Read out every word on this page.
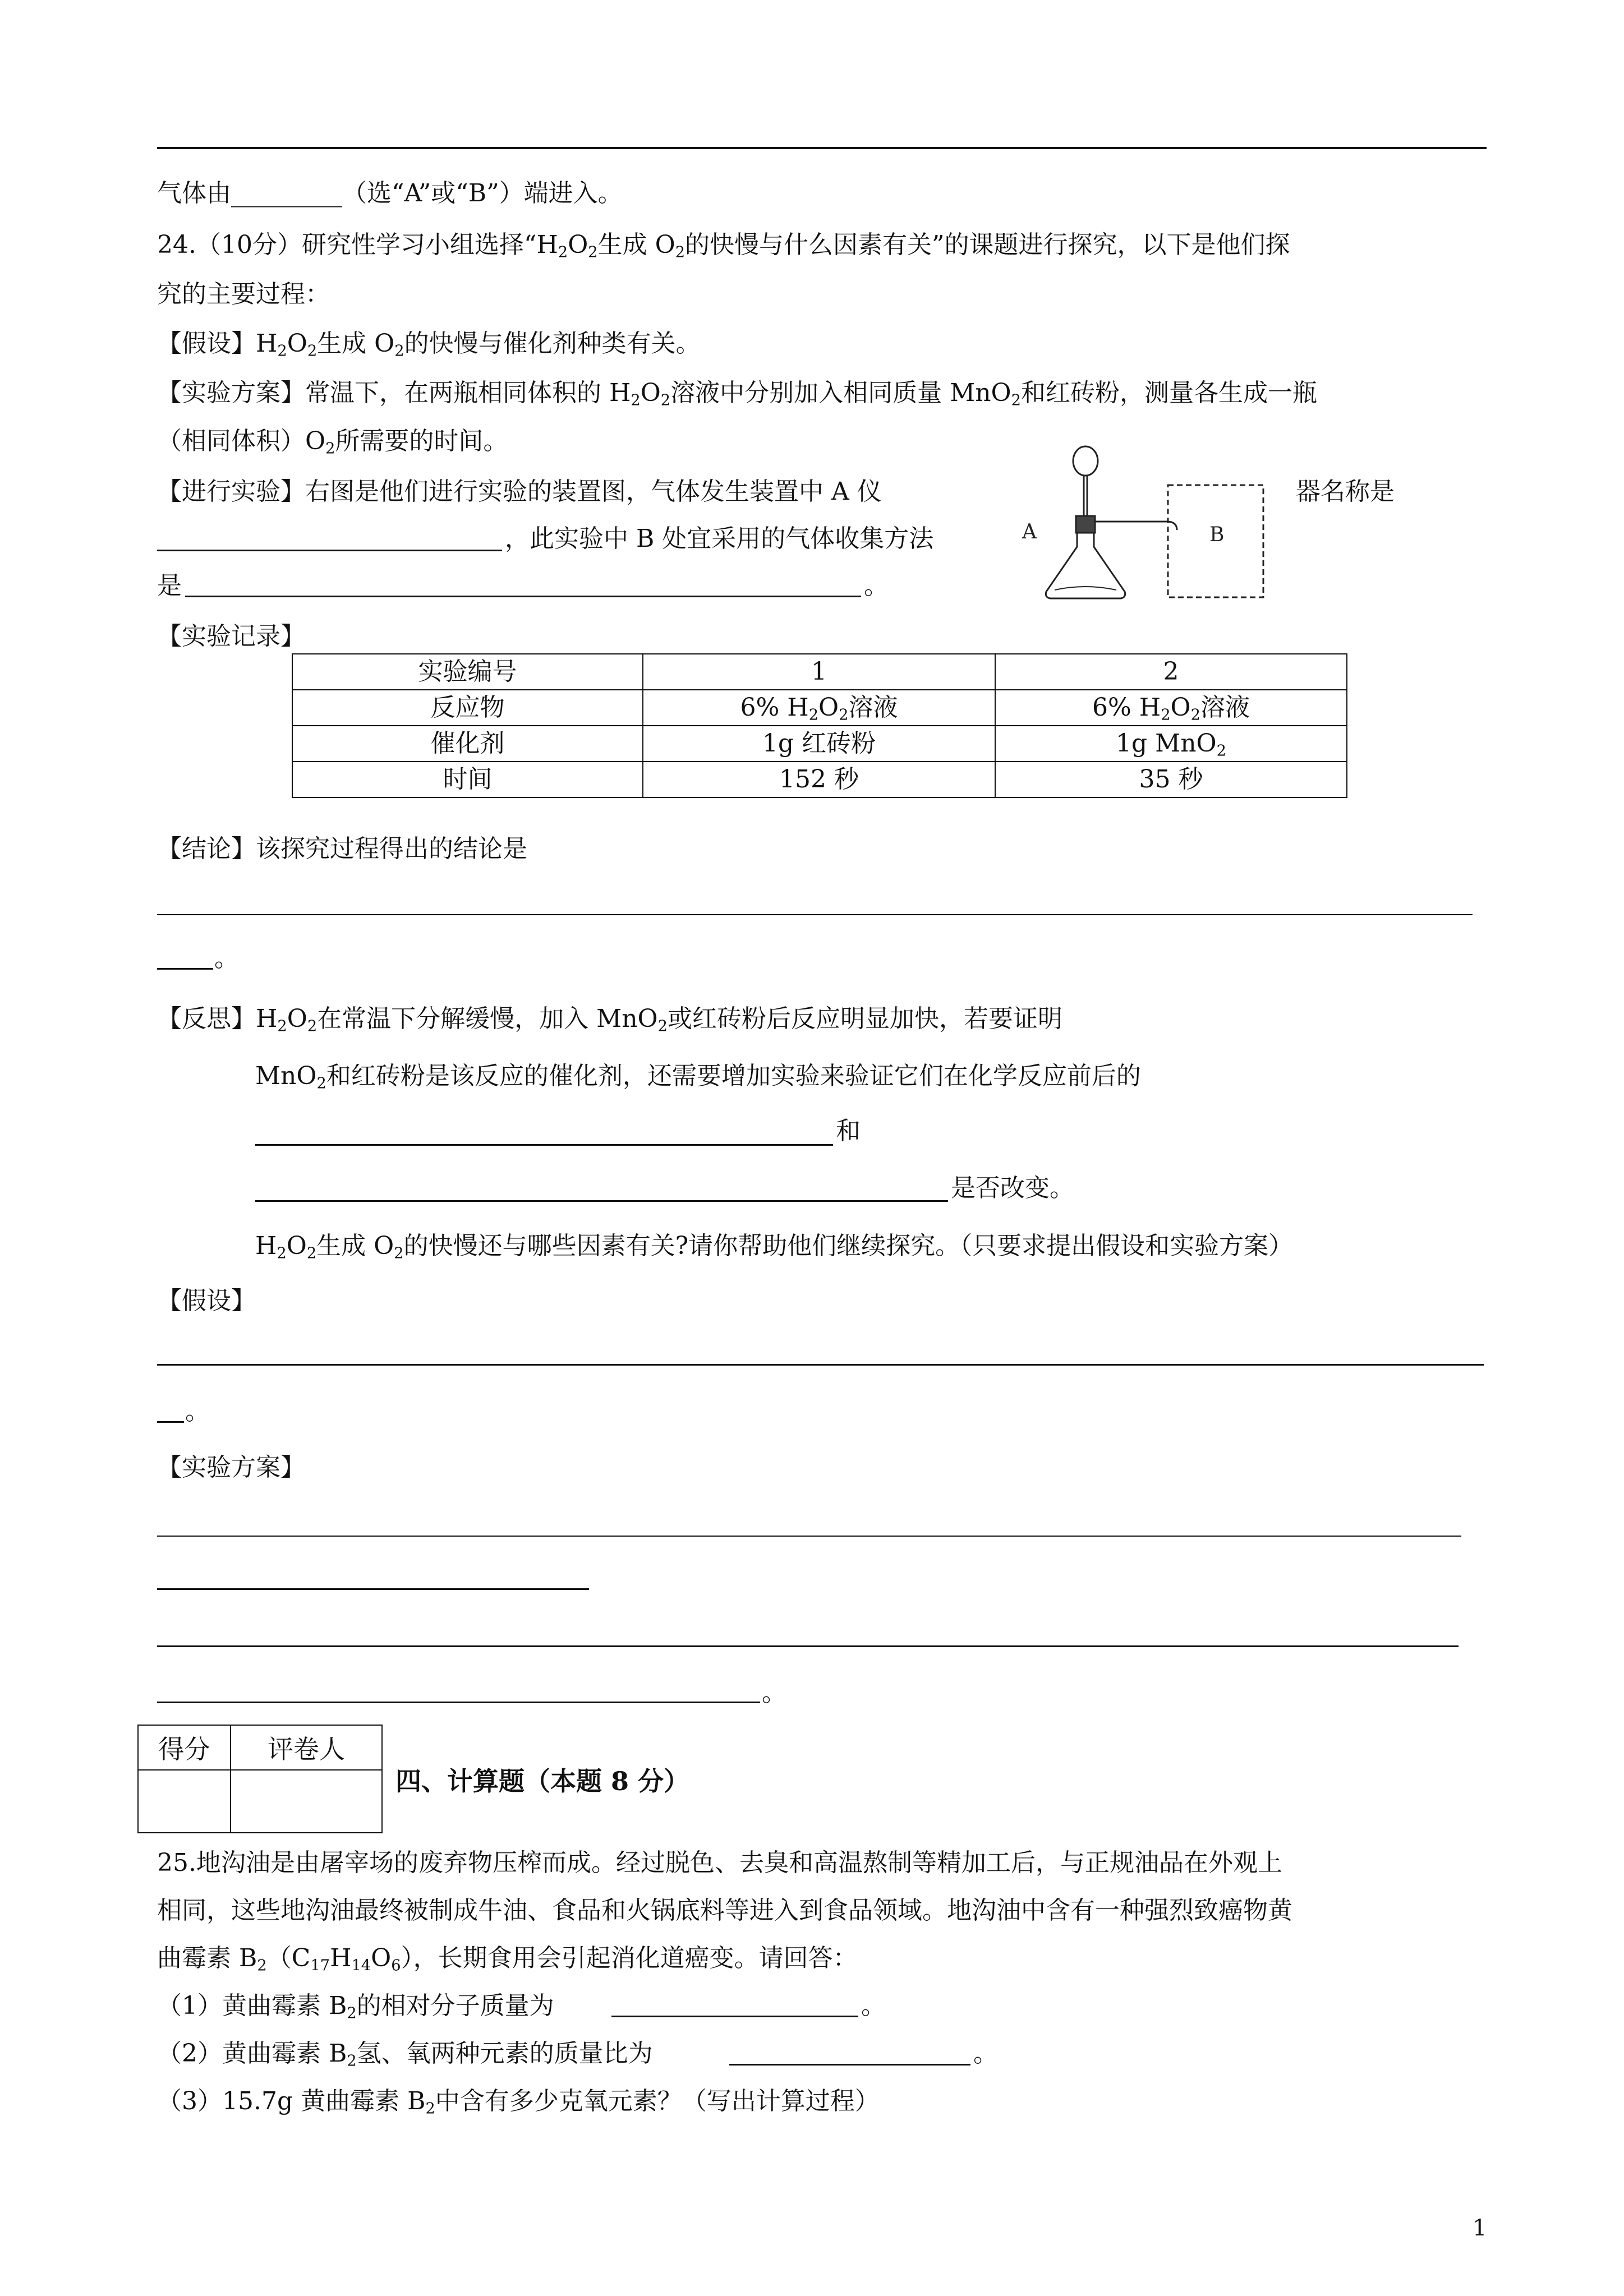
气体由_________（选“A”或“B”）端进入。
24.（10分）研究性学习小组选择“$H_2O_2$生成 $O_2$的快慢与什么因素有关”的课题进行探究，以下是他们探
究的主要过程：
【假设】$H_2O_2$生成 $O_2$的快慢与催化剂种类有关。
【实验方案】常温下，在两瓶相同体积的 $H_2O_2$溶液中分别加入相同质量 MnO$_2$和红砖粉，测量各生成一瓶
（相同体积）$O_2$所需要的时间。
【进行实验】右图是他们进行实验的装置图，气体发生装置中 A 仪	器名称是
，此实验中 B 处宜采用的气体收集方法
是	。
A	B
【实验记录】
实验编号	1	2
反应物	6% $H_2O_2$溶液	6% $H_2O_2$溶液
催化剂	1g 红砖粉	1g MnO$_2$
时间	152 秒	35 秒
【结论】该探究过程得出的结论是
。
【反思】$H_2O_2$在常温下分解缓慢，加入 MnO$_2$或红砖粉后反应明显加快，若要证明
MnO$_2$和红砖粉是该反应的催化剂，还需要增加实验来验证它们在化学反应前后的
和
是否改变。
$H_2O_2$生成 $O_2$的快慢还与哪些因素有关?请你帮助他们继续探究。（只要求提出假设和实验方案）
【假设】
。
【实验方案】
。
得分	评卷人

四、计算题（本题 8 分）
25.地沟油是由屠宰场的废弃物压榨而成。经过脱色、去臭和高温熬制等精加工后，与正规油品在外观上
相同，这些地沟油最终被制成牛油、食品和火锅底料等进入到食品领域。地沟油中含有一种强烈致癌物黄
曲霉素 $B_2(C_{17}H_{14}O_6)$，长期食用会引起消化道癌变。请回答：
（1）黄曲霉素 $B_2$的相对分子质量为	。
（2）黄曲霉素 $B_2$氢、氧两种元素的质量比为	。
（3）15.7g 黄曲霉素 $B_2$中含有多少克氧元素？（写出计算过程）
1
